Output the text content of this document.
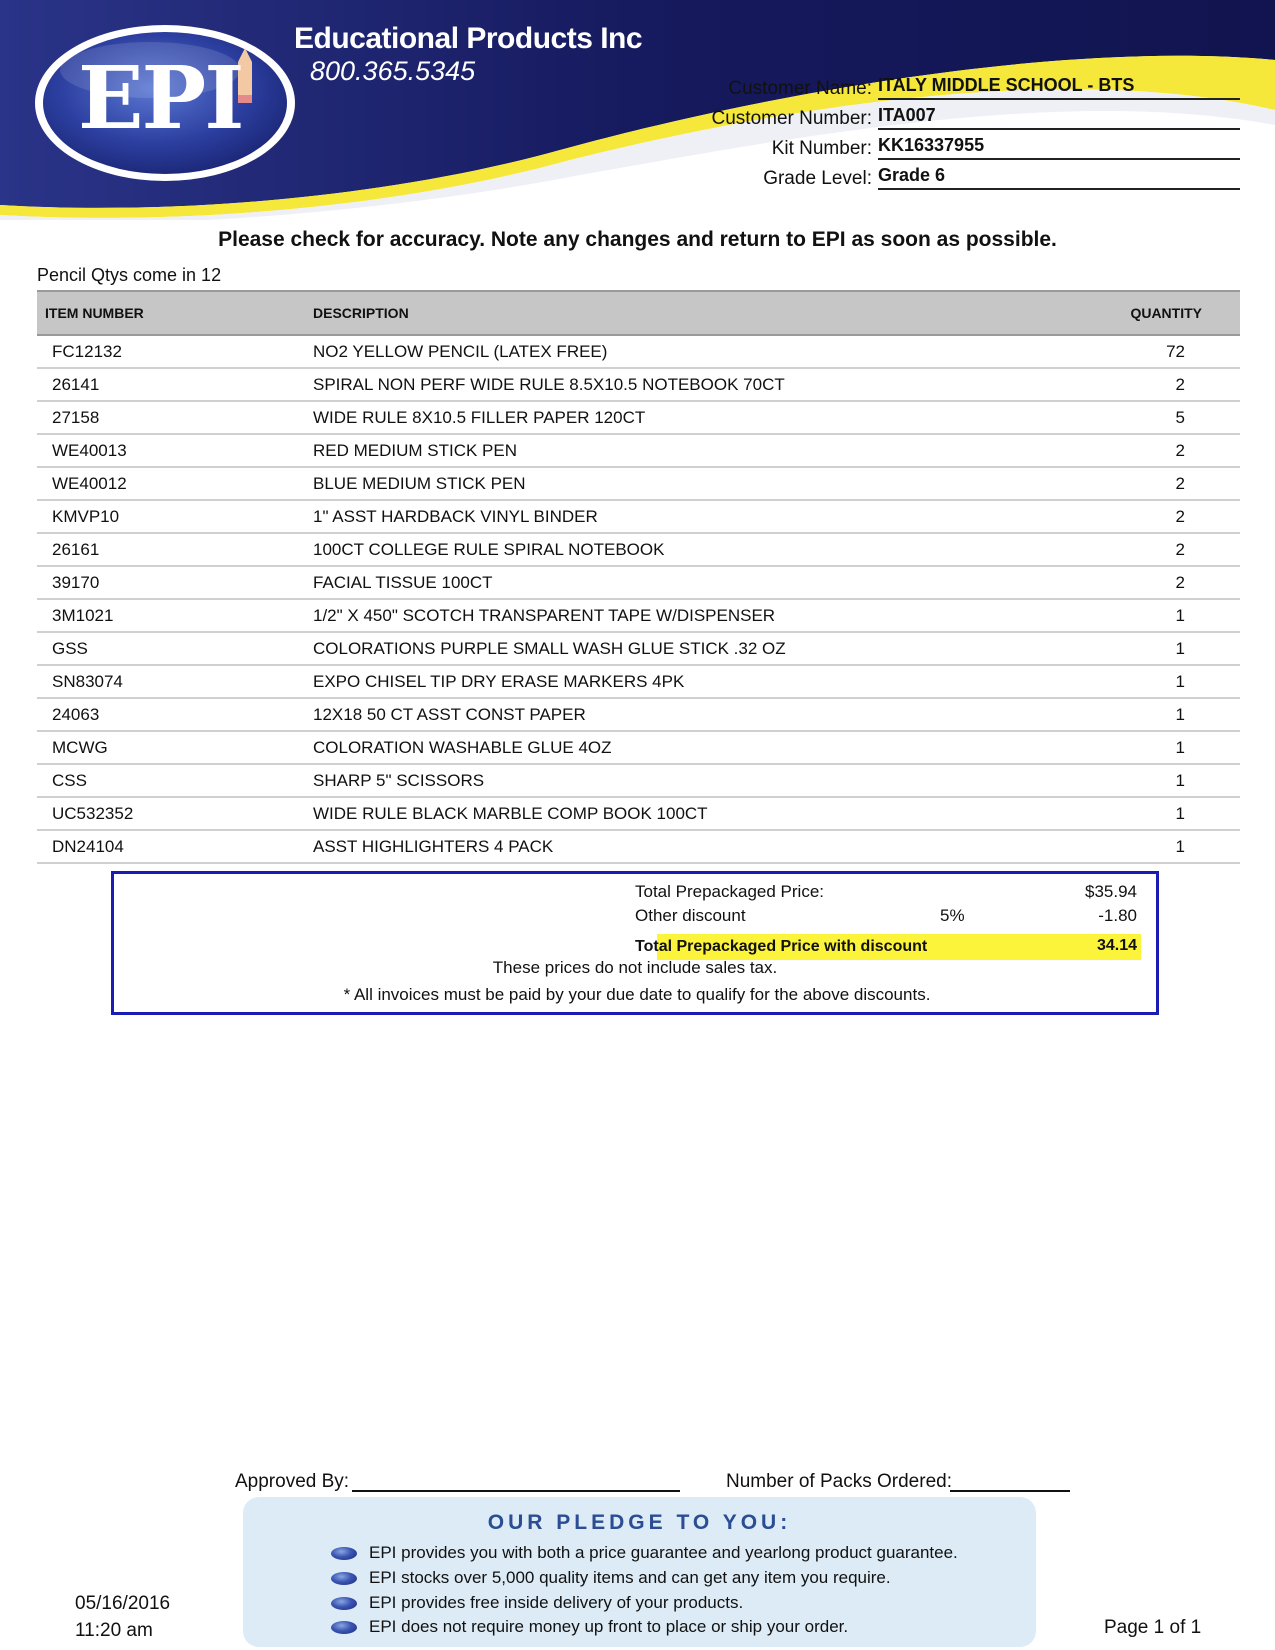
EPI
Educational Products Inc
800.365.5345
Customer Name: ITALY MIDDLE SCHOOL - BTS
Customer Number: ITA007
Kit Number: KK16337955
Grade Level: Grade 6
Please check for accuracy. Note any changes and return to EPI as soon as possible.
Pencil Qtys come in 12
ITEM NUMBER	DESCRIPTION	QUANTITY
FC12132	NO2 YELLOW PENCIL (LATEX FREE)	72
26141	SPIRAL NON PERF WIDE RULE 8.5X10.5 NOTEBOOK 70CT	2
27158	WIDE RULE 8X10.5 FILLER PAPER 120CT	5
WE40013	RED MEDIUM STICK PEN	2
WE40012	BLUE MEDIUM STICK PEN	2
KMVP10	1" ASST HARDBACK VINYL BINDER	2
26161	100CT COLLEGE RULE SPIRAL NOTEBOOK	2
39170	FACIAL TISSUE 100CT	2
3M1021	1/2" X 450" SCOTCH TRANSPARENT TAPE W/DISPENSER	1
GSS	COLORATIONS PURPLE SMALL WASH GLUE STICK .32 OZ	1
SN83074	EXPO CHISEL TIP DRY ERASE MARKERS 4PK	1
24063	12X18 50 CT ASST CONST PAPER	1
MCWG	COLORATION WASHABLE GLUE 4OZ	1
CSS	SHARP 5" SCISSORS	1
UC532352	WIDE RULE BLACK MARBLE COMP BOOK 100CT	1
DN24104	ASST HIGHLIGHTERS 4 PACK	1
Total Prepackaged Price:	$35.94
Other discount	5%	-1.80
Total Prepackaged Price with discount	34.14
These prices do not include sales tax.
* All invoices must be paid by your due date to qualify for the above discounts.
Approved By:	Number of Packs Ordered:
OUR PLEDGE TO YOU:
EPI provides you with both a price guarantee and yearlong product guarantee.
EPI stocks over 5,000 quality items and can get any item you require.
EPI provides free inside delivery of your products.
EPI does not require money up front to place or ship your order.
05/16/2016
11:20 am	Page 1 of 1
